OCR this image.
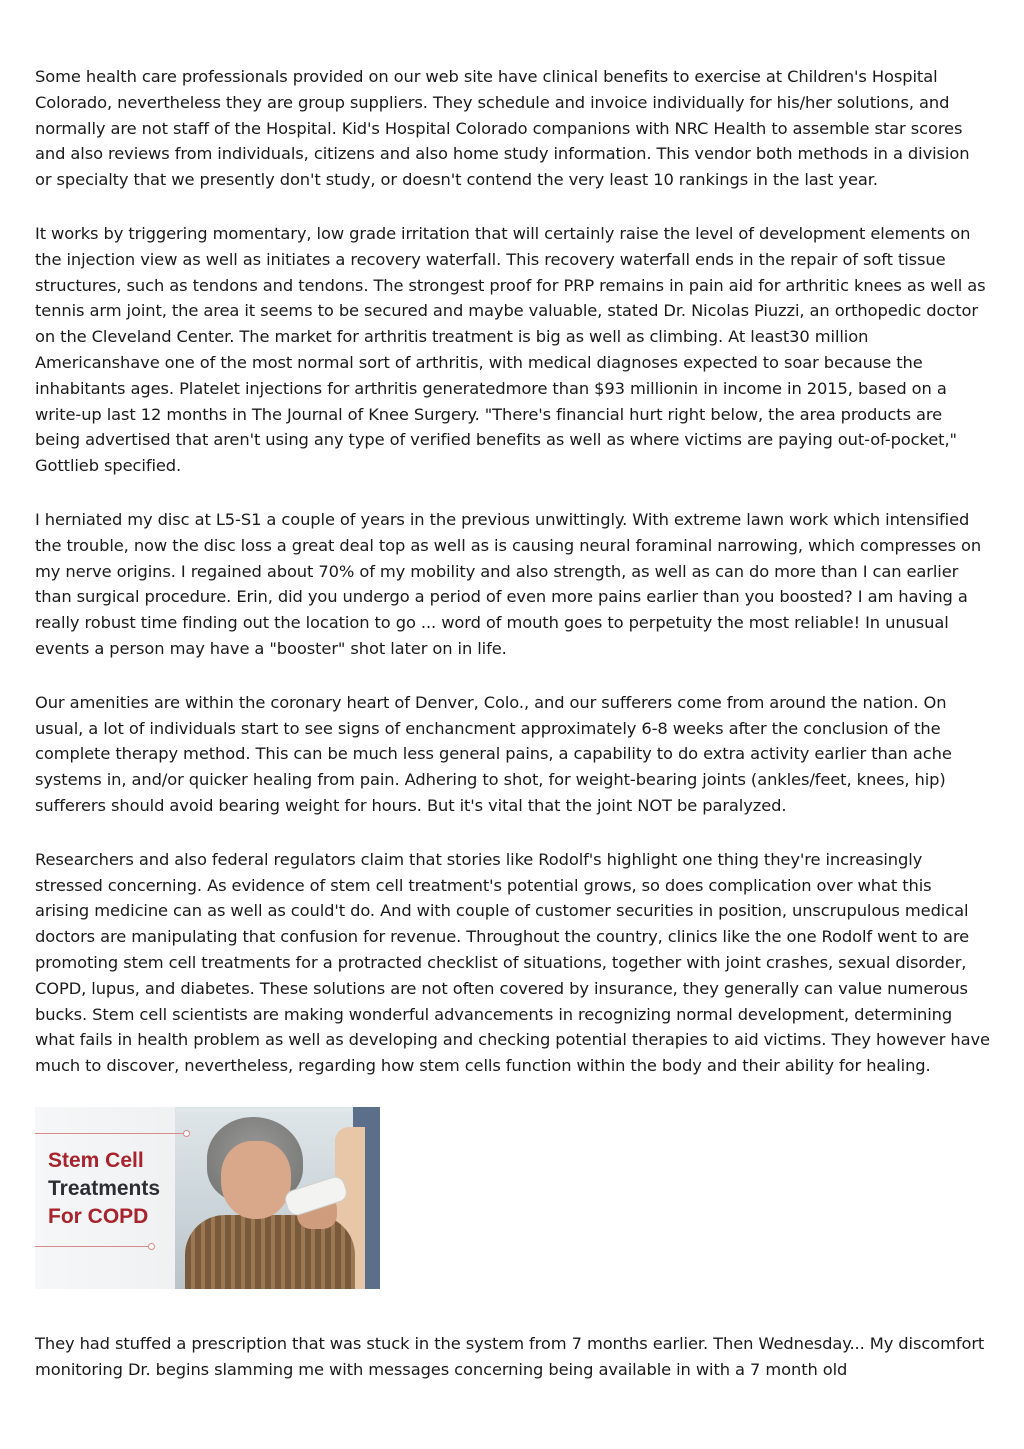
Some health care professionals provided on our web site have clinical benefits to exercise at Children's Hospital Colorado, nevertheless they are group suppliers. They schedule and invoice individually for his/her solutions, and normally are not staff of the Hospital. Kid's Hospital Colorado companions with NRC Health to assemble star scores and also reviews from individuals, citizens and also home study information. This vendor both methods in a division or specialty that we presently don't study, or doesn't contend the very least 10 rankings in the last year.

It works by triggering momentary, low grade irritation that will certainly raise the level of development elements on the injection view as well as initiates a recovery waterfall. This recovery waterfall ends in the repair of soft tissue structures, such as tendons and tendons. The strongest proof for PRP remains in pain aid for arthritic knees as well as tennis arm joint, the area it seems to be secured and maybe valuable, stated Dr. Nicolas Piuzzi, an orthopedic doctor on the Cleveland Center. The market for arthritis treatment is big as well as climbing. At least30 million Americanshave one of the most normal sort of arthritis, with medical diagnoses expected to soar because the inhabitants ages. Platelet injections for arthritis generatedmore than $93 millionin in income in 2015, based on a write-up last 12 months in The Journal of Knee Surgery. "There's financial hurt right below, the area products are being advertised that aren't using any type of verified benefits as well as where victims are paying out-of-pocket," Gottlieb specified.

I herniated my disc at L5-S1 a couple of years in the previous unwittingly. With extreme lawn work which intensified the trouble, now the disc loss a great deal top as well as is causing neural foraminal narrowing, which compresses on my nerve origins. I regained about 70% of my mobility and also strength, as well as can do more than I can earlier than surgical procedure. Erin, did you undergo a period of even more pains earlier than you boosted? I am having a really robust time finding out the location to go ... word of mouth goes to perpetuity the most reliable! In unusual events a person may have a "booster" shot later on in life.

Our amenities are within the coronary heart of Denver, Colo., and our sufferers come from around the nation. On usual, a lot of individuals start to see signs of enchancment approximately 6-8 weeks after the conclusion of the complete therapy method. This can be much less general pains, a capability to do extra activity earlier than ache systems in, and/or quicker healing from pain. Adhering to shot, for weight-bearing joints (ankles/feet, knees, hip) sufferers should avoid bearing weight for hours. But it's vital that the joint NOT be paralyzed.

Researchers and also federal regulators claim that stories like Rodolf's highlight one thing they're increasingly stressed concerning. As evidence of stem cell treatment's potential grows, so does complication over what this arising medicine can as well as could't do. And with couple of customer securities in position, unscrupulous medical doctors are manipulating that confusion for revenue. Throughout the country, clinics like the one Rodolf went to are promoting stem cell treatments for a protracted checklist of situations, together with joint crashes, sexual disorder, COPD, lupus, and diabetes. These solutions are not often covered by insurance, they generally can value numerous bucks. Stem cell scientists are making wonderful advancements in recognizing normal development, determining what fails in health problem as well as developing and checking potential therapies to aid victims. They however have much to discover, nevertheless, regarding how stem cells function within the body and their ability for healing.

Stem Cell
Treatments
For COPD

They had stuffed a prescription that was stuck in the system from 7 months earlier. Then Wednesday... My discomfort monitoring Dr. begins slamming me with messages concerning being available in with a 7 month old
